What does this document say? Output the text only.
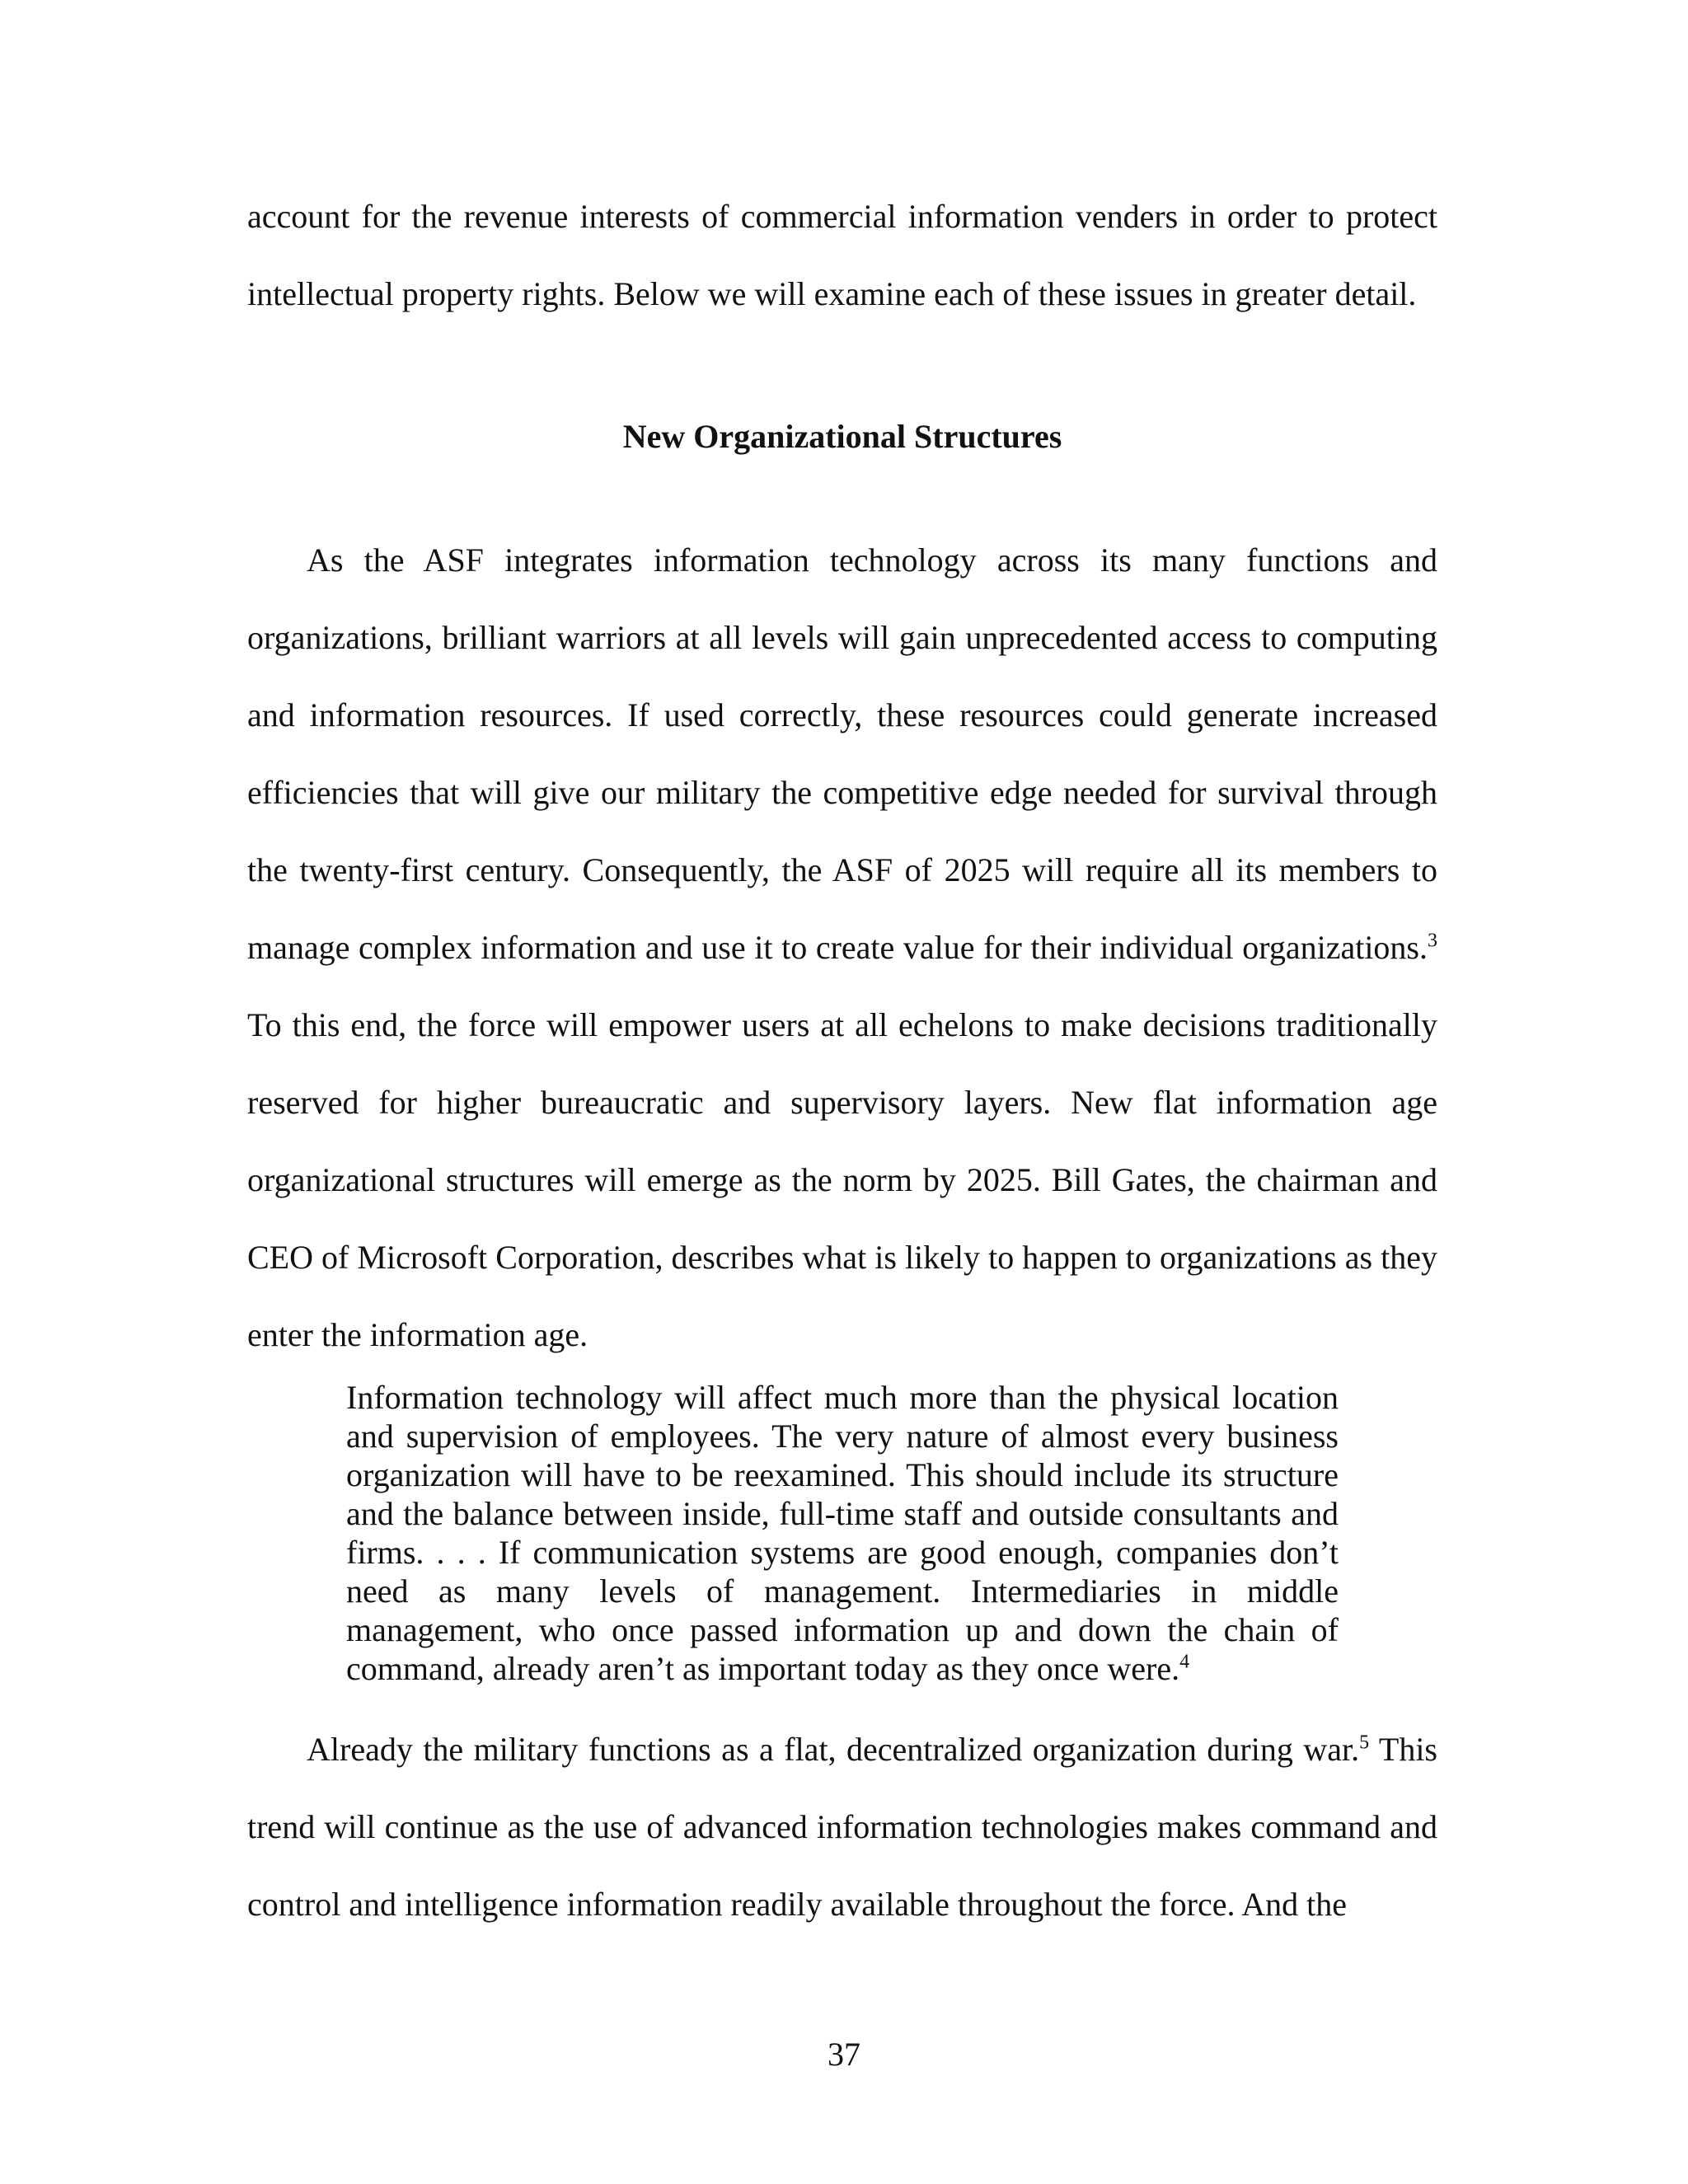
account for the revenue interests of commercial information venders in order to protect intellectual property rights. Below we will examine each of these issues in greater detail.

New Organizational Structures

As the ASF integrates information technology across its many functions and organizations, brilliant warriors at all levels will gain unprecedented access to computing and information resources. If used correctly, these resources could generate increased efficiencies that will give our military the competitive edge needed for survival through the twenty-first century. Consequently, the ASF of 2025 will require all its members to manage complex information and use it to create value for their individual organizations.$^3$ To this end, the force will empower users at all echelons to make decisions traditionally reserved for higher bureaucratic and supervisory layers. New flat information age organizational structures will emerge as the norm by 2025. Bill Gates, the chairman and CEO of Microsoft Corporation, describes what is likely to happen to organizations as they enter the information age.

Information technology will affect much more than the physical location and supervision of employees. The very nature of almost every business organization will have to be reexamined. This should include its structure and the balance between inside, full-time staff and outside consultants and firms. . . . If communication systems are good enough, companies don’t need as many levels of management. Intermediaries in middle management, who once passed information up and down the chain of command, already aren’t as important today as they once were.$^4$

Already the military functions as a flat, decentralized organization during war.$^5$ This trend will continue as the use of advanced information technologies makes command and control and intelligence information readily available throughout the force. And the

37
